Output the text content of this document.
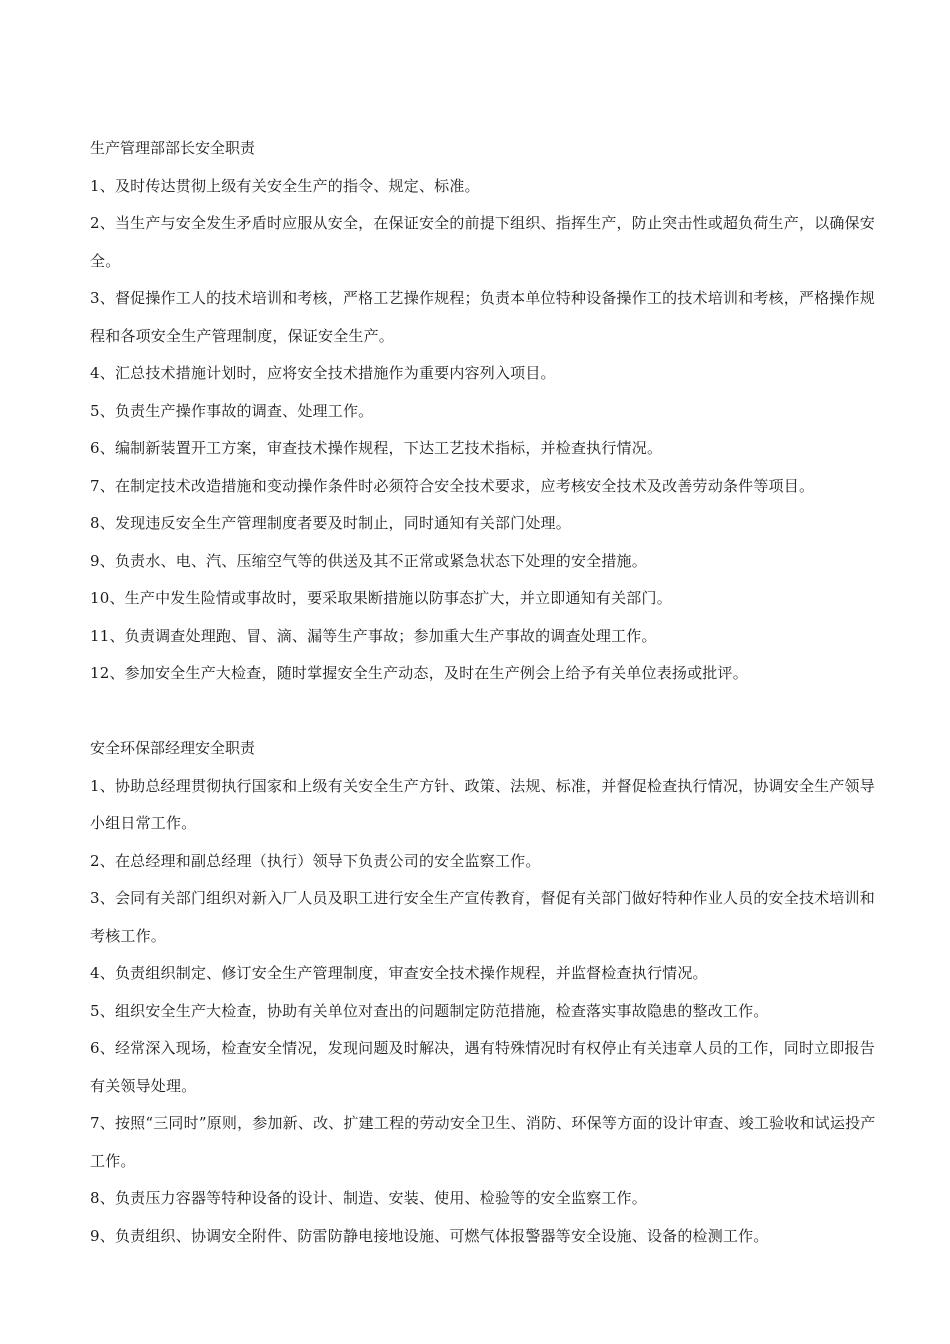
生产管理部部长安全职责

1、及时传达贯彻上级有关安全生产的指令、规定、标准。

2、当生产与安全发生矛盾时应服从安全，在保证安全的前提下组织、指挥生产，防止突击性或超负荷生产，以确保安全。

3、督促操作工人的技术培训和考核，严格工艺操作规程；负责本单位特种设备操作工的技术培训和考核，严格操作规程和各项安全生产管理制度，保证安全生产。

4、汇总技术措施计划时，应将安全技术措施作为重要内容列入项目。

5、负责生产操作事故的调查、处理工作。

6、编制新装置开工方案，审查技术操作规程，下达工艺技术指标，并检查执行情况。

7、在制定技术改造措施和变动操作条件时必须符合安全技术要求，应考核安全技术及改善劳动条件等项目。

8、发现违反安全生产管理制度者要及时制止，同时通知有关部门处理。

9、负责水、电、汽、压缩空气等的供送及其不正常或紧急状态下处理的安全措施。

10、生产中发生险情或事故时，要采取果断措施以防事态扩大，并立即通知有关部门。

11、负责调查处理跑、冒、滴、漏等生产事故；参加重大生产事故的调查处理工作。

12、参加安全生产大检查，随时掌握安全生产动态，及时在生产例会上给予有关单位表扬或批评。

安全环保部经理安全职责

1、协助总经理贯彻执行国家和上级有关安全生产方针、政策、法规、标准，并督促检查执行情况，协调安全生产领导小组日常工作。

2、在总经理和副总经理（执行）领导下负责公司的安全监察工作。

3、会同有关部门组织对新入厂人员及职工进行安全生产宣传教育，督促有关部门做好特种作业人员的安全技术培训和考核工作。

4、负责组织制定、修订安全生产管理制度，审查安全技术操作规程，并监督检查执行情况。

5、组织安全生产大检查，协助有关单位对查出的问题制定防范措施，检查落实事故隐患的整改工作。

6、经常深入现场，检查安全情况，发现问题及时解决，遇有特殊情况时有权停止有关违章人员的工作，同时立即报告有关领导处理。

7、按照“三同时”原则，参加新、改、扩建工程的劳动安全卫生、消防、环保等方面的设计审查、竣工验收和试运投产工作。

8、负责压力容器等特种设备的设计、制造、安装、使用、检验等的安全监察工作。

9、负责组织、协调安全附件、防雷防静电接地设施、可燃气体报警器等安全设施、设备的检测工作。
